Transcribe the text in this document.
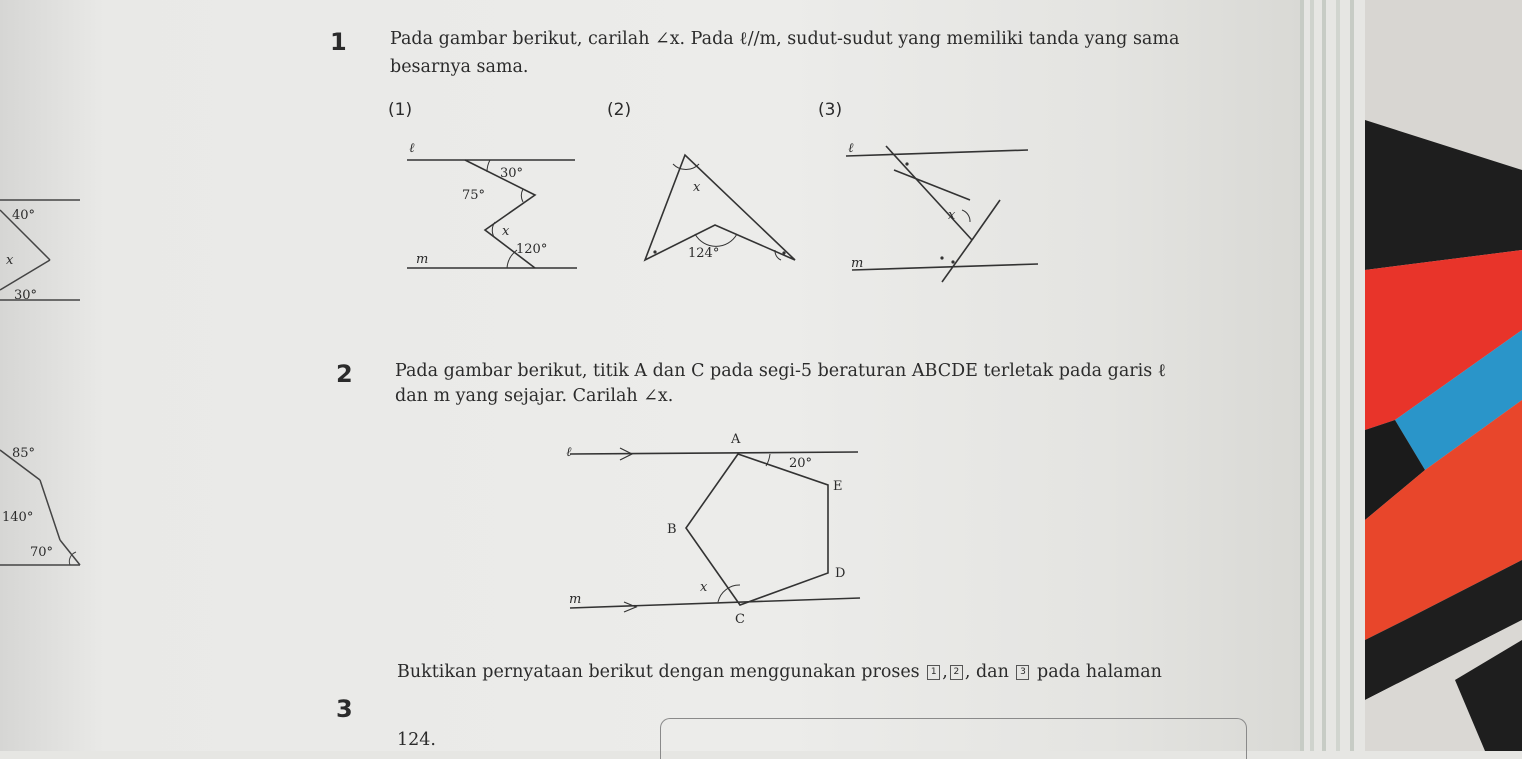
40°
x
30°
85°
140°
70°
1 Pada gambar berikut, carilah ∠x. Pada ℓ//m, sudut-sudut yang memiliki tanda yang sama
besarnya sama.
(1)	(2)	(3)
ℓ
m
30°
75°
x
120°
x
124°
ℓ
m
x
2 Pada gambar berikut, titik A dan C pada segi-5 beraturan ABCDE terletak pada garis ℓ
dan m yang sejajar. Carilah ∠x.
ℓ
m
A
20°
E
B
D
x
C
3
Buktikan pernyataan berikut dengan menggunakan proses 1 , 2 , dan 3 pada halaman
124.
